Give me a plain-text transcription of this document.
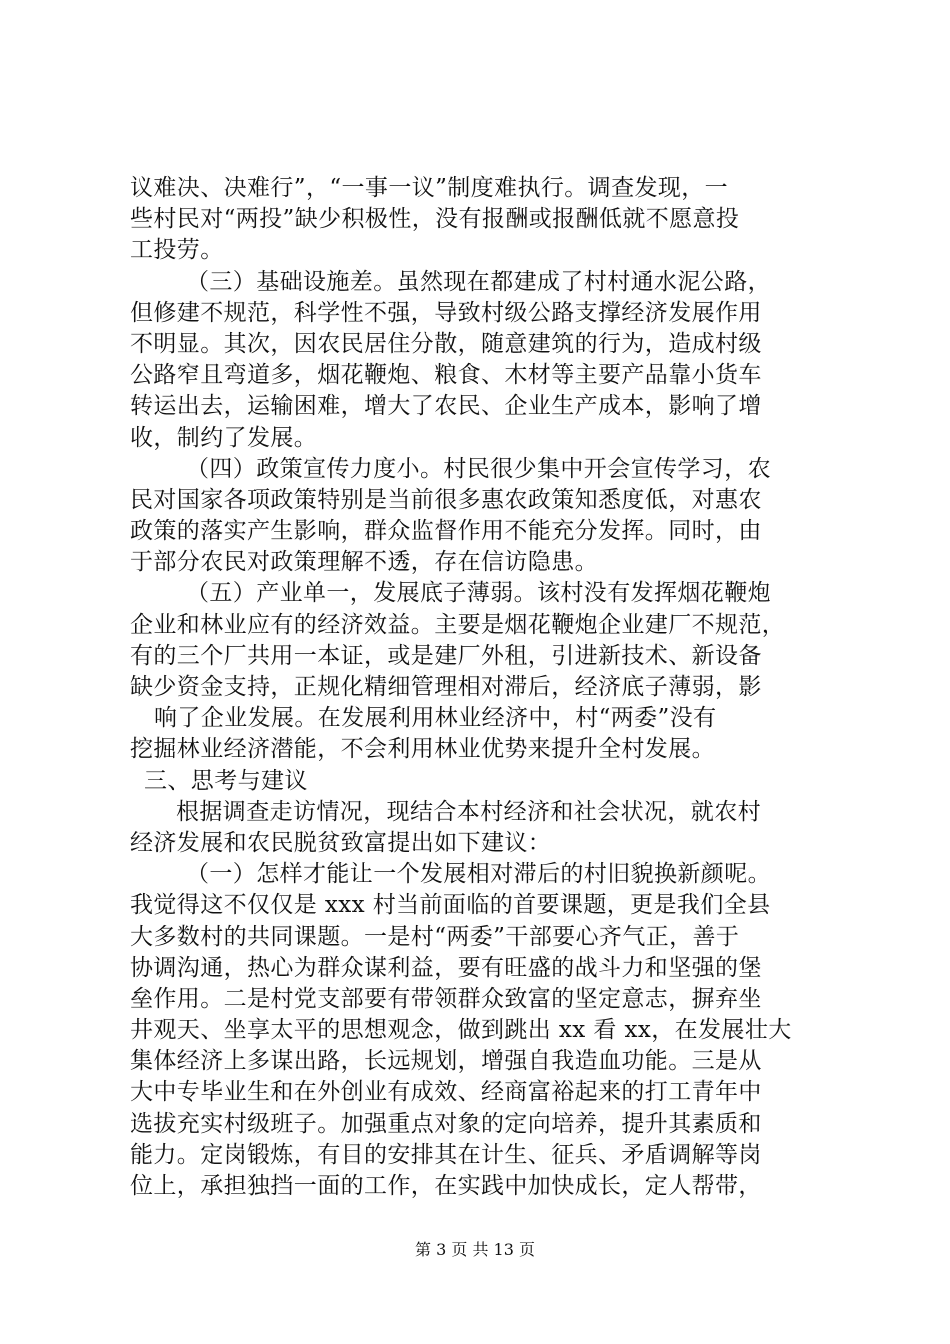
议难决、决难行”，“一事一议”制度难执行。调查发现，一
些村民对“两投”缺少积极性，没有报酬或报酬低就不愿意投
工投劳。
（三）基础设施差。虽然现在都建成了村村通水泥公路，
但修建不规范，科学性不强，导致村级公路支撑经济发展作用
不明显。其次，因农民居住分散，随意建筑的行为，造成村级
公路窄且弯道多，烟花鞭炮、粮食、木材等主要产品靠小货车
转运出去，运输困难，增大了农民、企业生产成本，影响了增
收，制约了发展。
（四）政策宣传力度小。村民很少集中开会宣传学习，农
民对国家各项政策特别是当前很多惠农政策知悉度低，对惠农
政策的落实产生影响，群众监督作用不能充分发挥。同时，由
于部分农民对政策理解不透，存在信访隐患。
（五）产业单一，发展底子薄弱。该村没有发挥烟花鞭炮
企业和林业应有的经济效益。主要是烟花鞭炮企业建厂不规范，
有的三个厂共用一本证，或是建厂外租，引进新技术、新设备
缺少资金支持，正规化精细管理相对滞后，经济底子薄弱，影
响了企业发展。在发展利用林业经济中，村“两委”没有
挖掘林业经济潜能，不会利用林业优势来提升全村发展。
三、思考与建议
根据调查走访情况，现结合本村经济和社会状况，就农村
经济发展和农民脱贫致富提出如下建议：
（一）怎样才能让一个发展相对滞后的村旧貌换新颜呢。
我觉得这不仅仅是 xxx 村当前面临的首要课题，更是我们全县
大多数村的共同课题。一是村“两委”干部要心齐气正，善于
协调沟通，热心为群众谋利益，要有旺盛的战斗力和坚强的堡
垒作用。二是村党支部要有带领群众致富的坚定意志，摒弃坐
井观天、坐享太平的思想观念，做到跳出 xx 看 xx，在发展壮大
集体经济上多谋出路，长远规划，增强自我造血功能。三是从
大中专毕业生和在外创业有成效、经商富裕起来的打工青年中
选拔充实村级班子。加强重点对象的定向培养，提升其素质和
能力。定岗锻炼，有目的安排其在计生、征兵、矛盾调解等岗
位上，承担独挡一面的工作，在实践中加快成长，定人帮带，
第 3 页 共 13 页
